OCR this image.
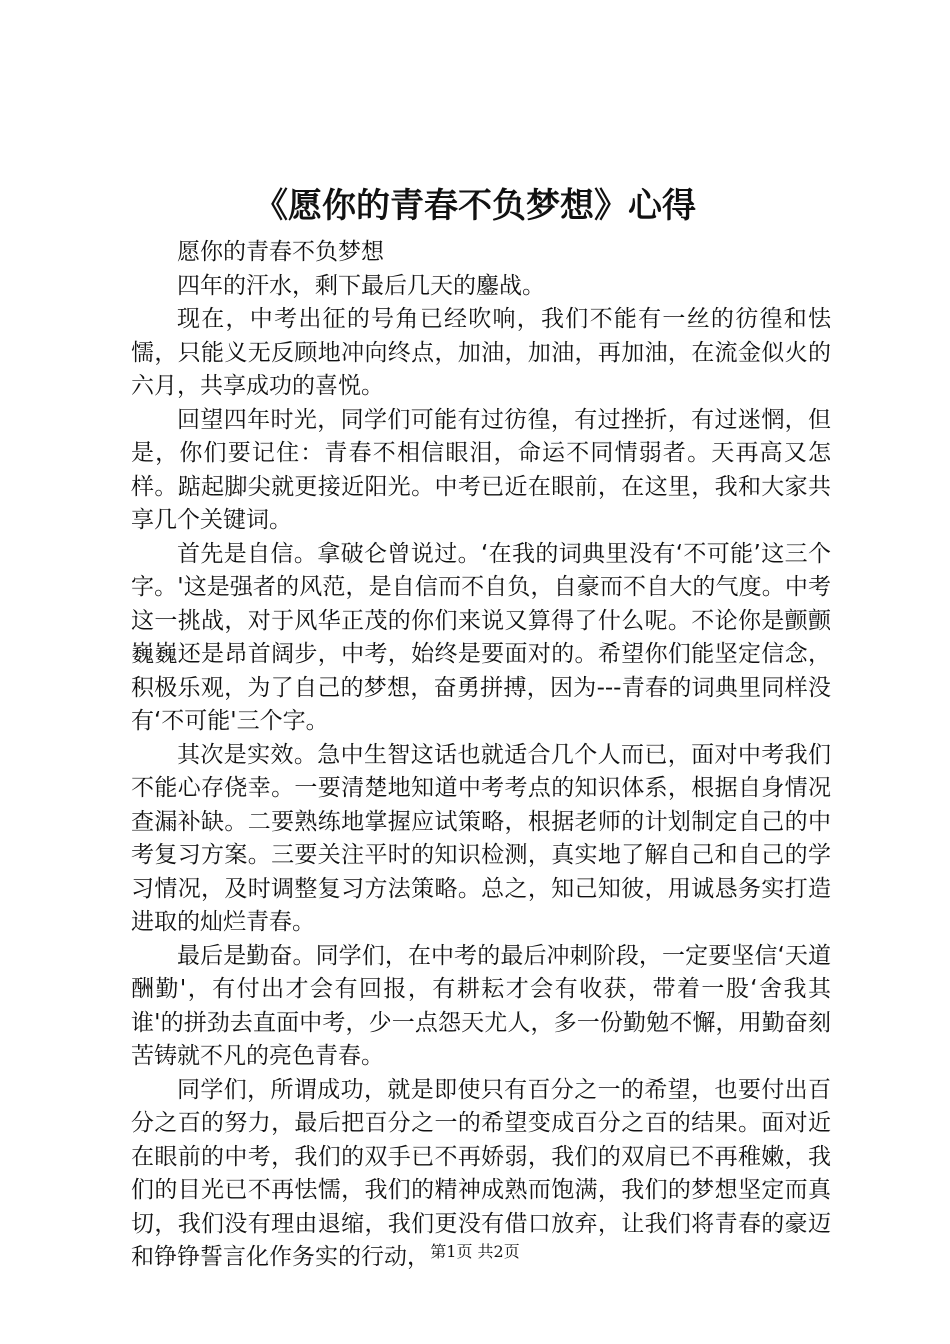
《愿你的青春不负梦想》心得

愿你的青春不负梦想

四年的汗水，剩下最后几天的鏖战。

现在，中考出征的号角已经吹响，我们不能有一丝的彷徨和怯懦，只能义无反顾地冲向终点，加油，加油，再加油，在流金似火的六月，共享成功的喜悦。

回望四年时光，同学们可能有过彷徨，有过挫折，有过迷惘，但是，你们要记住：青春不相信眼泪，命运不同情弱者。天再高又怎样。踮起脚尖就更接近阳光。中考已近在眼前，在这里，我和大家共享几个关键词。

首先是自信。拿破仑曾说过。‘在我的词典里没有‘不可能’这三个字。'这是强者的风范，是自信而不自负，自豪而不自大的气度。中考这一挑战，对于风华正茂的你们来说又算得了什么呢。不论你是颤颤巍巍还是昂首阔步，中考，始终是要面对的。希望你们能坚定信念，积极乐观，为了自己的梦想，奋勇拼搏，因为---青春的词典里同样没有‘不可能'三个字。

其次是实效。急中生智这话也就适合几个人而已，面对中考我们不能心存侥幸。一要清楚地知道中考考点的知识体系，根据自身情况查漏补缺。二要熟练地掌握应试策略，根据老师的计划制定自己的中考复习方案。三要关注平时的知识检测，真实地了解自己和自己的学习情况，及时调整复习方法策略。总之，知己知彼，用诚恳务实打造进取的灿烂青春。

最后是勤奋。同学们，在中考的最后冲刺阶段，一定要坚信‘天道酬勤'，有付出才会有回报，有耕耘才会有收获，带着一股‘舍我其谁'的拼劲去直面中考，少一点怨天尤人，多一份勤勉不懈，用勤奋刻苦铸就不凡的亮色青春。

同学们，所谓成功，就是即使只有百分之一的希望，也要付出百分之百的努力，最后把百分之一的希望变成百分之百的结果。面对近在眼前的中考，我们的双手已不再娇弱，我们的双肩已不再稚嫩，我们的目光已不再怯懦，我们的精神成熟而饱满，我们的梦想坚定而真切，我们没有理由退缩，我们更没有借口放弃，让我们将青春的豪迈和铮铮誓言化作务实的行动， 第1页 共2页
